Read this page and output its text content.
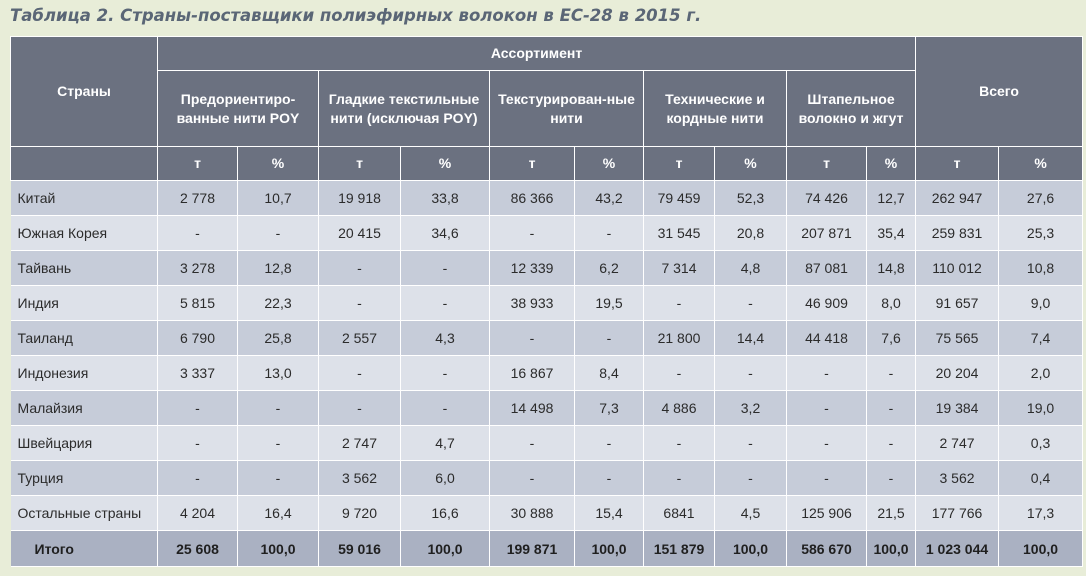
Таблица 2. Страны-поставщики полиэфирных волокон в ЕС-28 в 2015 г.
Страны	Ассортимент										Всего	
	Предориентиро-ванные нити POY		Гладкие текстильные нити (исключая POY)		Текстурирован-ные нити		Технические и кордные нити		Штапельное волокно и жгут			
	т	%	т	%	т	%	т	%	т	%	т	%
Китай	2 778	10,7	19 918	33,8	86 366	43,2	79 459	52,3	74 426	12,7	262 947	27,6
Южная Корея	-	-	20 415	34,6	-	-	31 545	20,8	207 871	35,4	259 831	25,3
Тайвань	3 278	12,8	-	-	12 339	6,2	7 314	4,8	87 081	14,8	110 012	10,8
Индия	5 815	22,3	-	-	38 933	19,5	-	-	46 909	8,0	91 657	9,0
Таиланд	6 790	25,8	2 557	4,3	-	-	21 800	14,4	44 418	7,6	75 565	7,4
Индонезия	3 337	13,0	-	-	16 867	8,4	-	-	-	-	20 204	2,0
Малайзия	-	-	-	-	14 498	7,3	4 886	3,2	-	-	19 384	19,0
Швейцария	-	-	2 747	4,7	-	-	-	-	-	-	2 747	0,3
Турция	-	-	3 562	6,0	-	-	-	-	-	-	3 562	0,4
Остальные страны	4 204	16,4	9 720	16,6	30 888	15,4	6841	4,5	125 906	21,5	177 766	17,3
Итого	25 608	100,0	59 016	100,0	199 871	100,0	151 879	100,0	586 670	100,0	1 023 044	100,0
